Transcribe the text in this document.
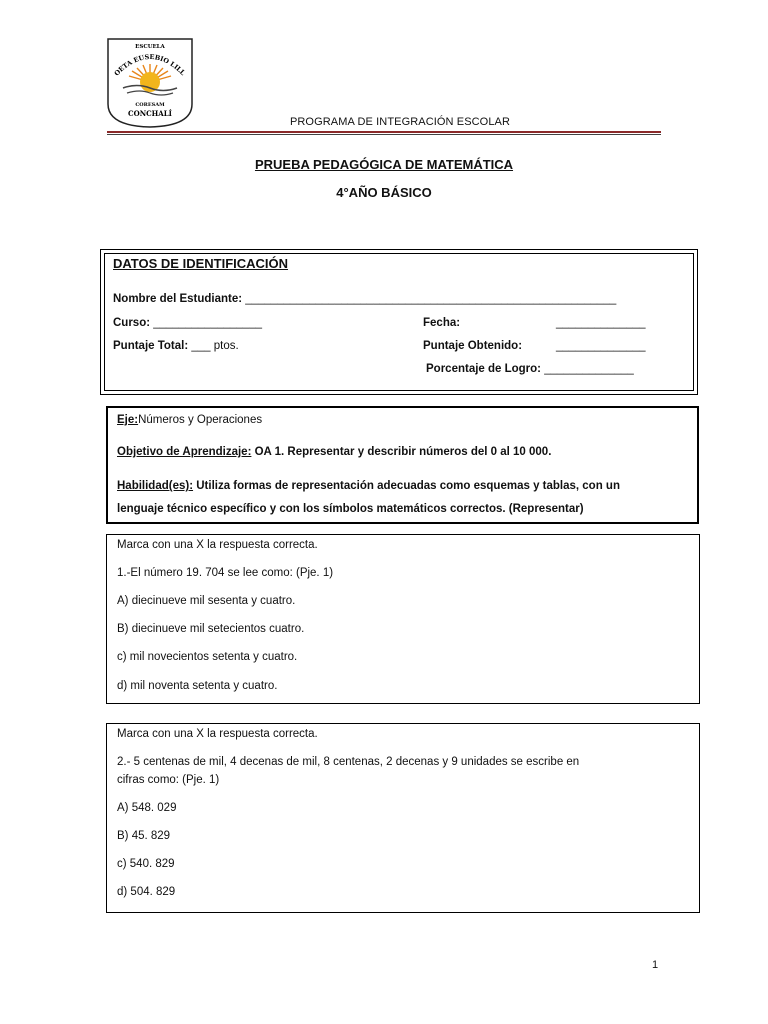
ESCUELA
OETA EUSEBIO LILL
CORESAM
CONCHALÍ
PROGRAMA DE INTEGRACIÓN ESCOLAR
PRUEBA PEDAGÓGICA DE MATEMÁTICA
4°AÑO BÁSICO
DATOS DE IDENTIFICACIÓN
Nombre del Estudiante: __________________________________________________________
Curso: _________________	Fecha:	______________
Puntaje Total: ___ ptos.	Puntaje Obtenido:	______________
Porcentaje de Logro: ______________
Eje:Números y Operaciones
Objetivo de Aprendizaje: OA 1. Representar y describir números del 0 al 10 000.
Habilidad(es): Utiliza formas de representación adecuadas como esquemas y tablas, con un
lenguaje técnico específico y con los símbolos matemáticos correctos. (Representar)
Marca con una X la respuesta correcta.
1.-El número 19. 704 se lee como: (Pje. 1)
A) diecinueve mil sesenta y cuatro.
B) diecinueve mil setecientos cuatro.
c) mil novecientos setenta y cuatro.
d) mil noventa setenta y cuatro.
Marca con una X la respuesta correcta.
2.- 5 centenas de mil, 4 decenas de mil, 8 centenas, 2 decenas y 9 unidades se escribe en
cifras como: (Pje. 1)
A) 548. 029
B) 45. 829
c) 540. 829
d) 504. 829
1
